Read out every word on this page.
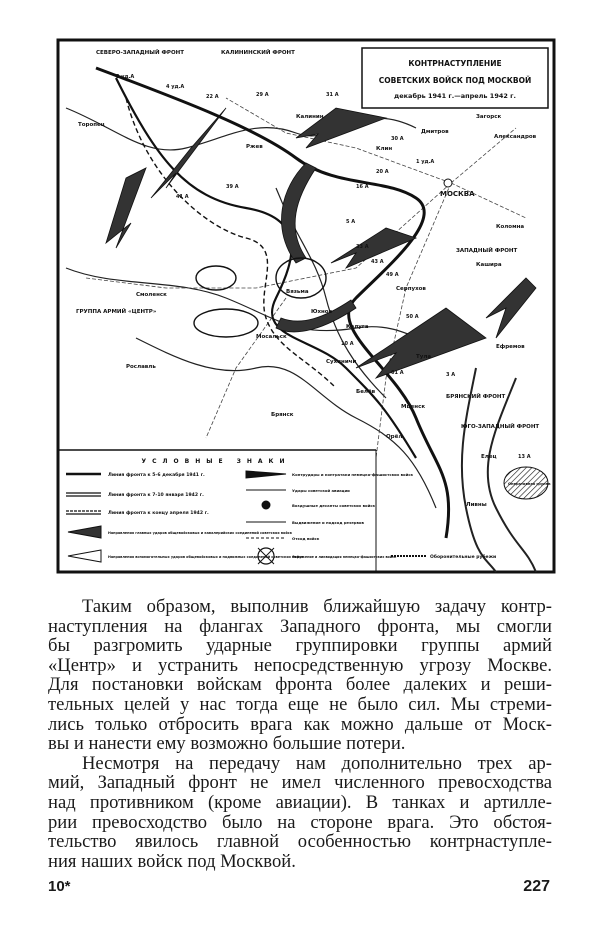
КОНТРНАСТУПЛЕНИЕ
СОВЕТСКИХ ВОЙСК ПОД МОСКВОЙ
декабрь 1941 г.—апрель 1942 г.
СЕВЕРО-ЗАПАДНЫЙ ФРОНТ	КАЛИНИНСКИЙ ФРОНТ
ЗАПАДНЫЙ ФРОНТ
БРЯНСКИЙ ФРОНТ
ЮГО-ЗАПАДНЫЙ ФРОНТ
ГРУППА АРМИЙ «ЦЕНТР»
МОСКВА
Торопец
Ржев
Калинин
Клин
Вязьма
Смоленск
Рославль
Серпухов
Калуга
Тула
Сухиничи
Брянск
Белёв
Кашира
Коломна
Дмитров
Загорск
Александров
Мосальск
Юхнов
Ефремов
Елец
Ливны
Мценск
Орёл
3 уд.А
4 уд.А
22 А	29 А	31 А
30 А
1 уд.А
20 А
16 А
5 А
33 А
43 А
49 А
50 А
10 А
61 А	3 А
13 А
39 А
41 А
УСЛОВНЫЕ ЗНАКИ
Линия фронта к 5-6 декабря 1941 г.
Линия фронта к 7-10 января 1942 г.
Линия фронта к концу апреля 1942 г.
Направления главных ударов общевойсковых и кавалерийских соединений советских войск
Направления вспомогательных ударов общевойсковых и подвижных соединений советских войск
Контрудары и контратаки немецко-фашистских войск
Удары советской авиации
Воздушные десанты советских войск
Выдвижение и подход резервов
Отход войск
Окружение и ликвидация немецко-фашистских войск	Оборонительные рубежи
Оперативная группа
Таким образом, выполнив ближайшую задачу контр-
наступления на флангах Западного фронта, мы смогли
бы разгромить ударные группировки группы армий
«Центр» и устранить непосредственную угрозу Москве.
Для постановки войскам фронта более далеких и реши-
тельных целей у нас тогда еще не было сил. Мы стреми-
лись только отбросить врага как можно дальше от Моск-
вы и нанести ему возможно большие потери.
Несмотря на передачу нам дополнительно трех ар-
мий, Западный фронт не имел численного превосходства
над противником (кроме авиации). В танках и артилле-
рии превосходство было на стороне врага. Это обстоя-
тельство явилось главной особенностью контрнаступле-
ния наших войск под Москвой.
10*	227
